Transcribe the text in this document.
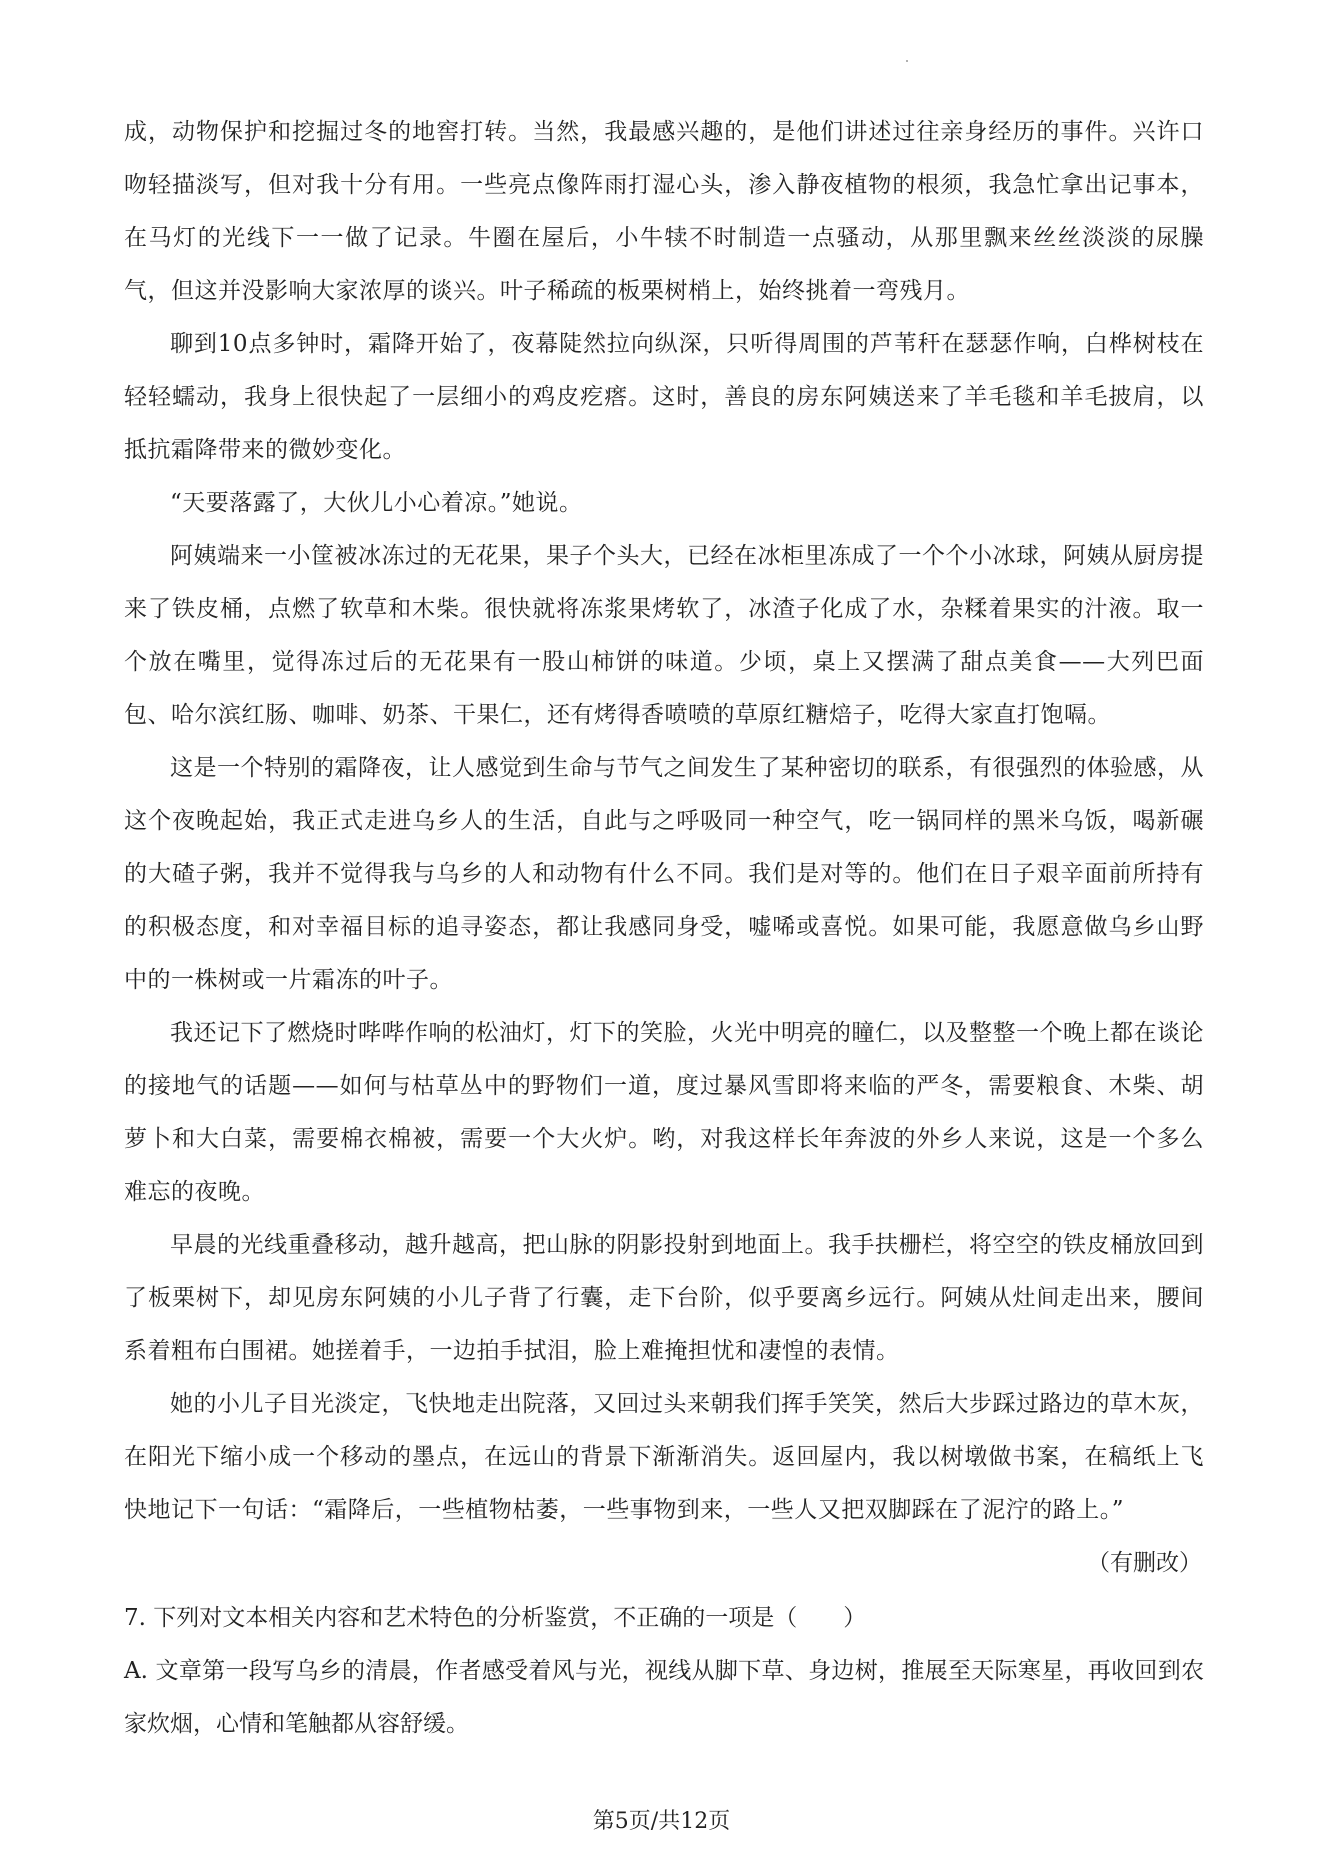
成，动物保护和挖掘过冬的地窖打转。当然，我最感兴趣的，是他们讲述过往亲身经历的事件。兴许口吻轻描淡写，但对我十分有用。一些亮点像阵雨打湿心头，渗入静夜植物的根须，我急忙拿出记事本，在马灯的光线下一一做了记录。牛圈在屋后，小牛犊不时制造一点骚动，从那里飘来丝丝淡淡的尿臊气，但这并没影响大家浓厚的谈兴。叶子稀疏的板栗树梢上，始终挑着一弯残月。

聊到10点多钟时，霜降开始了，夜幕陡然拉向纵深，只听得周围的芦苇秆在瑟瑟作响，白桦树枝在轻轻蠕动，我身上很快起了一层细小的鸡皮疙瘩。这时，善良的房东阿姨送来了羊毛毯和羊毛披肩，以抵抗霜降带来的微妙变化。

“天要落露了，大伙儿小心着凉。”她说。

阿姨端来一小筐被冰冻过的无花果，果子个头大，已经在冰柜里冻成了一个个小冰球，阿姨从厨房提来了铁皮桶，点燃了软草和木柴。很快就将冻浆果烤软了，冰渣子化成了水，杂糅着果实的汁液。取一个放在嘴里，觉得冻过后的无花果有一股山柿饼的味道。少顷，桌上又摆满了甜点美食——大列巴面包、哈尔滨红肠、咖啡、奶茶、干果仁，还有烤得香喷喷的草原红糖焙子，吃得大家直打饱嗝。

这是一个特别的霜降夜，让人感觉到生命与节气之间发生了某种密切的联系，有很强烈的体验感，从这个夜晚起始，我正式走进乌乡人的生活，自此与之呼吸同一种空气，吃一锅同样的黑米乌饭，喝新碾的大碴子粥，我并不觉得我与乌乡的人和动物有什么不同。我们是对等的。他们在日子艰辛面前所持有的积极态度，和对幸福目标的追寻姿态，都让我感同身受，嘘唏或喜悦。如果可能，我愿意做乌乡山野中的一株树或一片霜冻的叶子。

我还记下了燃烧时哔哔作响的松油灯，灯下的笑脸，火光中明亮的瞳仁，以及整整一个晚上都在谈论的接地气的话题——如何与枯草丛中的野物们一道，度过暴风雪即将来临的严冬，需要粮食、木柴、胡萝卜和大白菜，需要棉衣棉被，需要一个大火炉。哟，对我这样长年奔波的外乡人来说，这是一个多么难忘的夜晚。

早晨的光线重叠移动，越升越高，把山脉的阴影投射到地面上。我手扶栅栏，将空空的铁皮桶放回到了板栗树下，却见房东阿姨的小儿子背了行囊，走下台阶，似乎要离乡远行。阿姨从灶间走出来，腰间系着粗布白围裙。她搓着手，一边拍手拭泪，脸上难掩担忧和凄惶的表情。

她的小儿子目光淡定，飞快地走出院落，又回过头来朝我们挥手笑笑，然后大步踩过路边的草木灰，在阳光下缩小成一个移动的墨点，在远山的背景下渐渐消失。返回屋内，我以树墩做书案，在稿纸上飞快地记下一句话：“霜降后，一些植物枯萎，一些事物到来，一些人又把双脚踩在了泥泞的路上。”

（有删改）

7. 下列对文本相关内容和艺术特色的分析鉴赏，不正确的一项是（　　）

A. 文章第一段写乌乡的清晨，作者感受着风与光，视线从脚下草、身边树，推展至天际寒星，再收回到农家炊烟，心情和笔触都从容舒缓。

第5页/共12页
